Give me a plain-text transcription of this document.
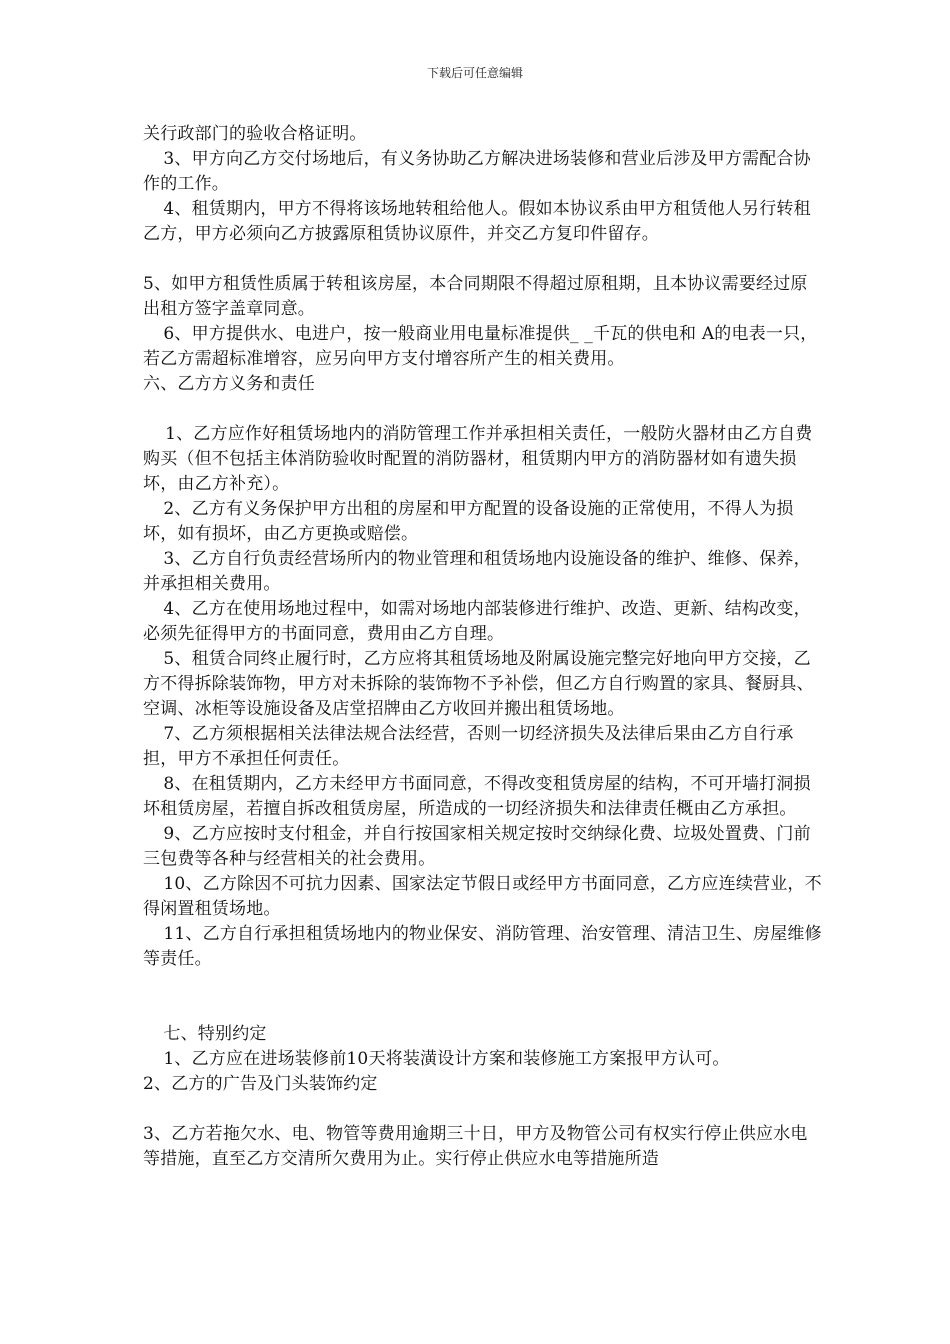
下载后可任意编辑

关行政部门的验收合格证明。

3、甲方向乙方交付场地后，有义务协助乙方解决进场装修和营业后涉及甲方需配合协作的工作。

4、租赁期内，甲方不得将该场地转租给他人。假如本协议系由甲方租赁他人另行转租乙方，甲方必须向乙方披露原租赁协议原件，并交乙方复印件留存。

5、如甲方租赁性质属于转租该房屋，本合同期限不得超过原租期，且本协议需要经过原出租方签字盖章同意。

6、甲方提供水、电进户，按一般商业用电量标准提供_ _千瓦的供电和 A的电表一只，若乙方需超标准增容，应另向甲方支付增容所产生的相关费用。

六、乙方方义务和责任

1、乙方应作好租赁场地内的消防管理工作并承担相关责任，一般防火器材由乙方自费购买（但不包括主体消防验收时配置的消防器材，租赁期内甲方的消防器材如有遗失损坏，由乙方补充）。

2、乙方有义务保护甲方出租的房屋和甲方配置的设备设施的正常使用，不得人为损坏，如有损坏，由乙方更换或赔偿。

3、乙方自行负责经营场所内的物业管理和租赁场地内设施设备的维护、维修、保养，并承担相关费用。

4、乙方在使用场地过程中，如需对场地内部装修进行维护、改造、更新、结构改变，必须先征得甲方的书面同意，费用由乙方自理。

5、租赁合同终止履行时，乙方应将其租赁场地及附属设施完整完好地向甲方交接，乙方不得拆除装饰物，甲方对未拆除的装饰物不予补偿，但乙方自行购置的家具、餐厨具、空调、冰柜等设施设备及店堂招牌由乙方收回并搬出租赁场地。

7、乙方须根据相关法律法规合法经营，否则一切经济损失及法律后果由乙方自行承担，甲方不承担任何责任。

8、在租赁期内，乙方未经甲方书面同意，不得改变租赁房屋的结构，不可开墙打洞损坏租赁房屋，若擅自拆改租赁房屋，所造成的一切经济损失和法律责任概由乙方承担。

9、乙方应按时支付租金，并自行按国家相关规定按时交纳绿化费、垃圾处置费、门前三包费等各种与经营相关的社会费用。

10、乙方除因不可抗力因素、国家法定节假日或经甲方书面同意，乙方应连续营业，不得闲置租赁场地。

11、乙方自行承担租赁场地内的物业保安、消防管理、治安管理、清洁卫生、房屋维修等责任。

七、特别约定

1、乙方应在进场装修前10天将装潢设计方案和装修施工方案报甲方认可。

2、乙方的广告及门头装饰约定

3、乙方若拖欠水、电、物管等费用逾期三十日，甲方及物管公司有权实行停止供应水电等措施，直至乙方交清所欠费用为止。实行停止供应水电等措施所造
